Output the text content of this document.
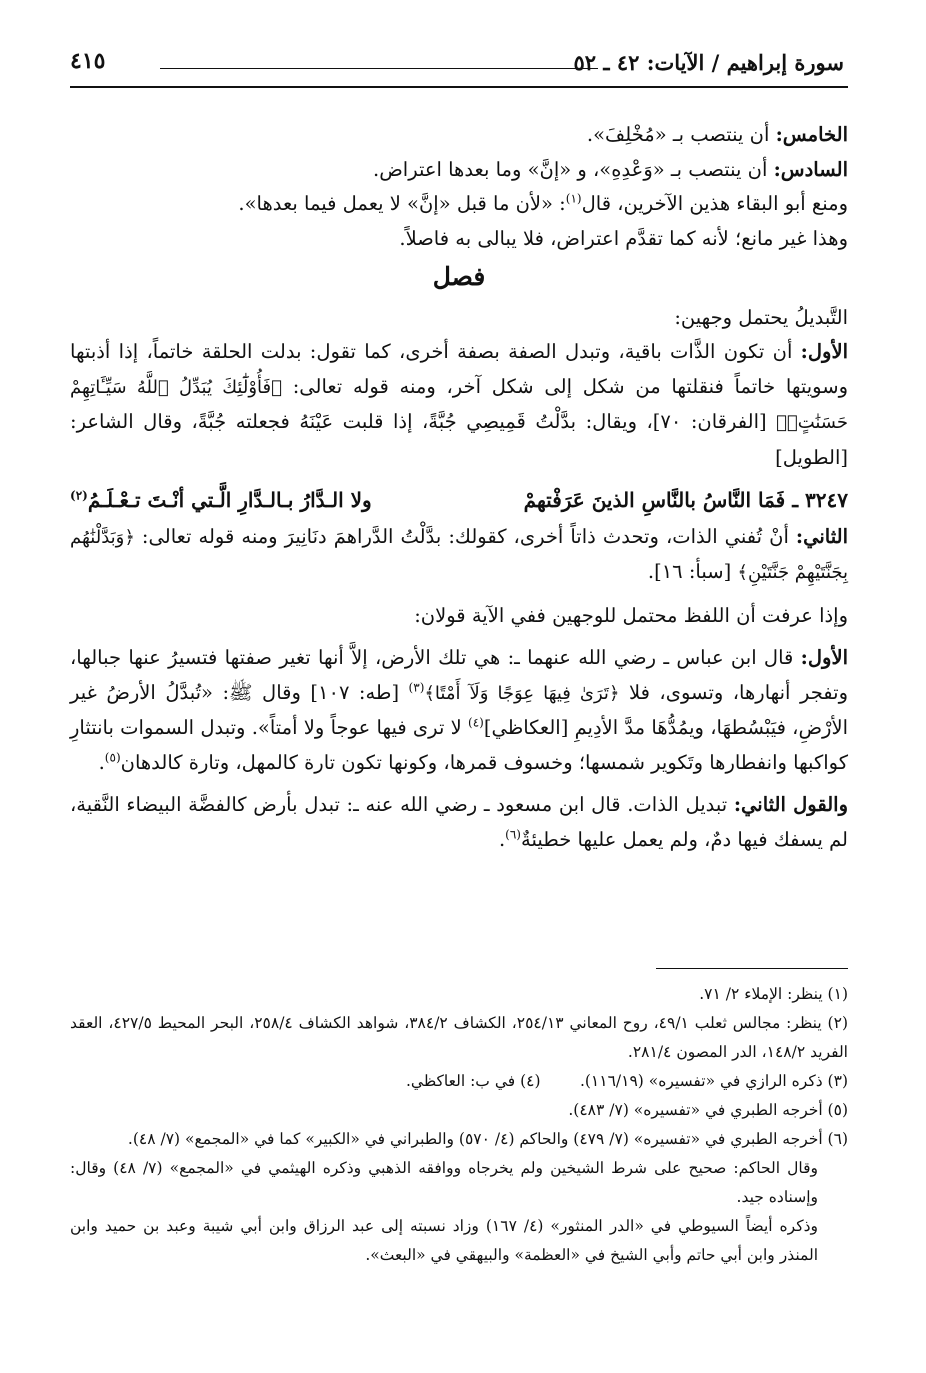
سورة إبراهيم / الآيات: ٤٢ ـ ٥٢
٤١٥

الخامس: أن ينتصب بـ «مُخْلِفَ».

السادس: أن ينتصب بـ «وَعْدِهِ»، و «إنَّ» وما بعدها اعتراض.

ومنع أبو البقاء هذين الآخرين، قال$^{(١)}$: «لأن ما قبل «إنَّ» لا يعمل فيما بعدها».

وهذا غير مانع؛ لأنه كما تقدَّم اعتراض، فلا يبالى به فاصلاً.

فصل

التَّبديلُ يحتمل وجهين:

الأول: أن تكون الذَّات باقية، وتبدل الصفة بصفة أخرى، كما تقول: بدلت الحلقة خاتماً، إذا أذبتها وسويتها خاتماً فنقلتها من شكل إلى شكل آخر، ومنه قوله تعالى: ﴿فَأُوْلَٰٓئِكَ يُبَدِّلُ ٱللَّهُ سَيِّـَٔاتِهِمْ حَسَنَٰتٍۗ﴾ [الفرقان: ٧٠]، ويقال: بدَّلْتُ قَمِيصِي جُبَّةً، إذا قلبت عَيْنَهُ فجعلته جُبَّةً، وقال الشاعر: [الطويل]

٣٢٤٧ ـ فَمَا النَّاسُ بالنَّاسِ الذينَ عَرَفْتهمْ
ولا الـدَّارُ بـالـدَّارِ الَّـتي أنْـتَ تـعْـلَـمُ$^{(٢)}$

الثاني: أنْ تُفني الذات، وتحدث ذاتاً أخرى، كقولك: بدَّلْتُ الدَّراهمَ دنَانِيرَ ومنه قوله تعالى: ﴿وَبَدَّلْنَٰهُم بِجَنَّتَيْهِمْ جَنَّتَيْنِ﴾ [سبأ: ١٦].

وإذا عرفت أن اللفظ محتمل للوجهين ففي الآية قولان:

الأول: قال ابن عباس ـ رضي الله عنهما ـ: هي تلك الأرض، إلاَّ أنها تغير صفتها فتسيرُ عنها جبالها، وتفجر أنهارها، وتسوى، فلا ﴿تَرَىٰ فِيهَا عِوَجًا وَلَآ أَمْتًا﴾$^{(٣)}$ [طه: ١٠٧] وقال ﷺ: «تُبدَّلُ الأرضُ غير الأرْضِ، فيَبْسُطهَا، ويمُدُّهَا مدَّ الأدِيمِ [العكاظي]$^{(٤)}$ لا ترى فيها عوجاً ولا أمتاً». وتبدل السموات بانتثارِ كواكبها وانفطارها وتَكوير شمسها؛ وخسوف قمرها، وكونها تكون تارة كالمهل، وتارة كالدهان$^{(٥)}$.

والقول الثاني: تبديل الذات. قال ابن مسعود ـ رضي الله عنه ـ: تبدل بأرض كالفضَّة البيضاء النَّقية، لم يسفك فيها دمٌ، ولم يعمل عليها خطيئةٌ$^{(٦)}$.

(١) ينظر: الإملاء ٢/ ٧١.

(٢) ينظر: مجالس ثعلب ٤٩/١، روح المعاني ٢٥٤/١٣، الكشاف ٣٨٤/٢، شواهد الكشاف ٢٥٨/٤، البحر المحيط ٤٢٧/٥، العقد الفريد ١٤٨/٢، الدر المصون ٢٨١/٤.

(٣) ذكره الرازي في «تفسيره» (١١٦/١٩).        (٤) في ب: العاكظي.

(٥) أخرجه الطبري في «تفسيره» (٧/ ٤٨٣).

(٦) أخرجه الطبري في «تفسيره» (٧/ ٤٧٩) والحاكم (٤/ ٥٧٠) والطبراني في «الكبير» كما في «المجمع» (٧/ ٤٨).

وقال الحاكم: صحيح على شرط الشيخين ولم يخرجاه ووافقه الذهبي وذكره الهيثمي في «المجمع» (٧/ ٤٨) وقال: وإسناده جيد.

وذكره أيضاً السيوطي في «الدر المنثور» (٤/ ١٦٧) وزاد نسبته إلى عبد الرزاق وابن أبي شيبة وعبد بن حميد وابن المنذر وابن أبي حاتم وأبي الشيخ في «العظمة» والبيهقي في «البعث».
